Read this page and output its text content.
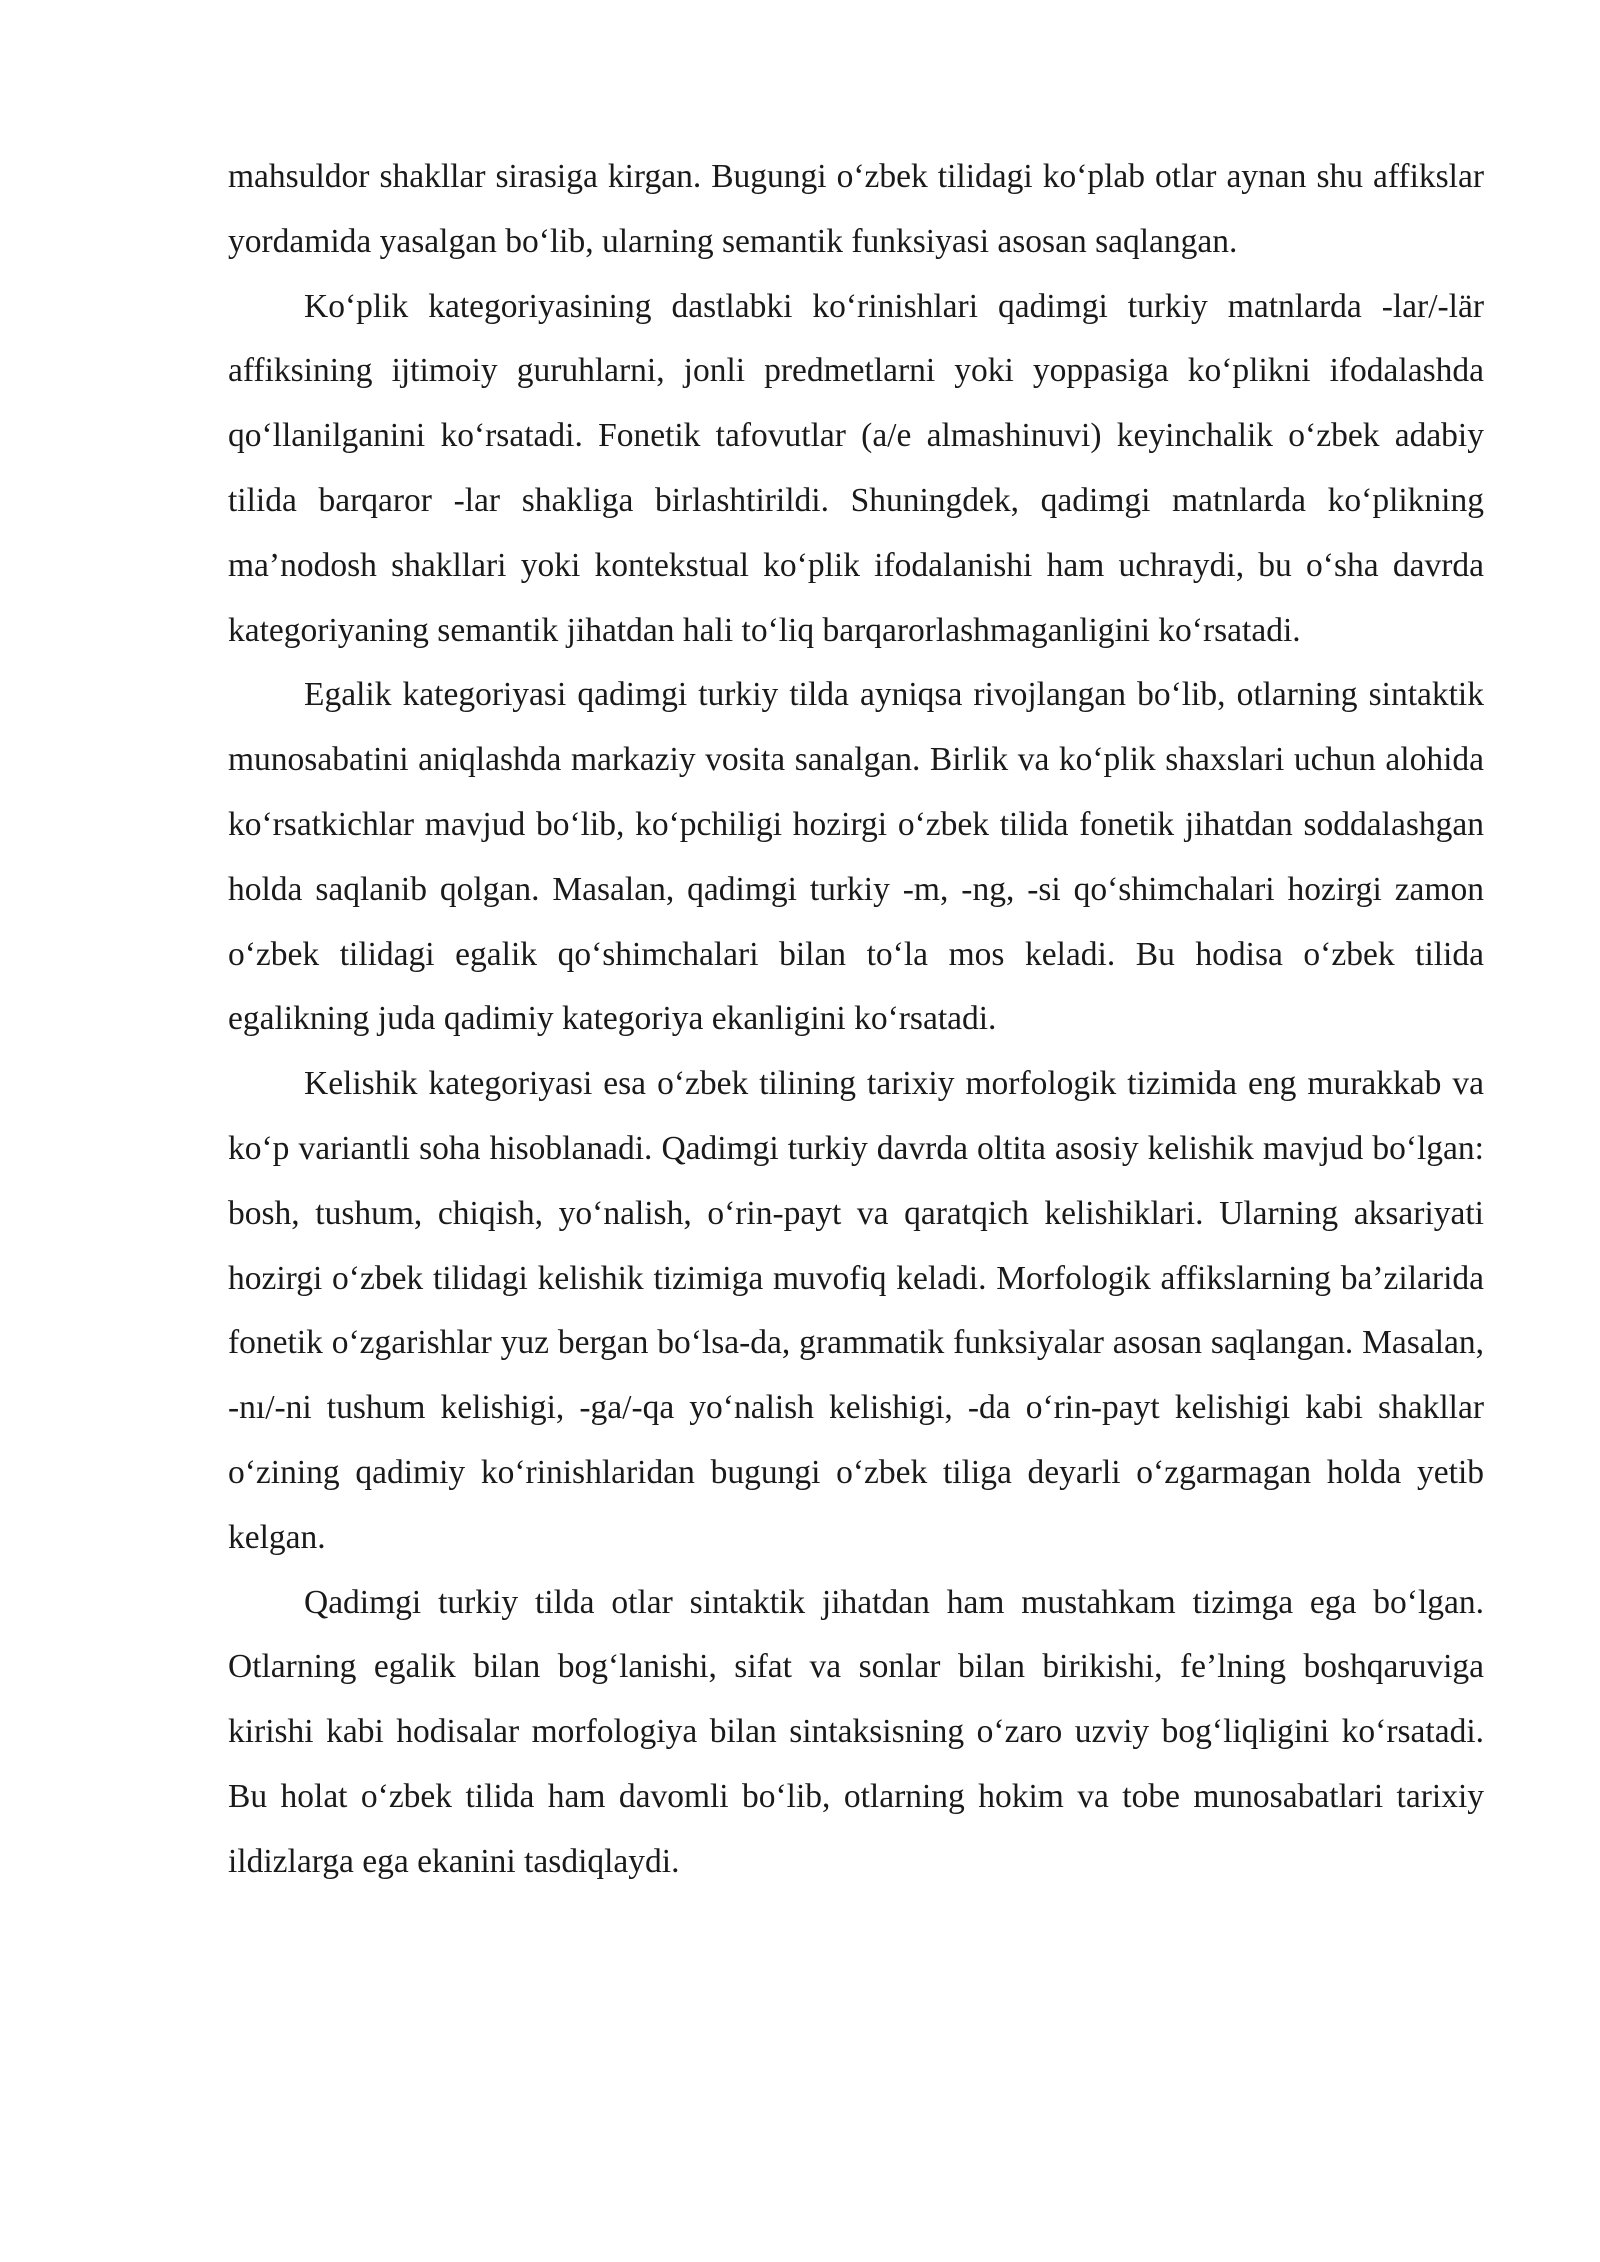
mahsuldor shakllar sirasiga kirgan. Bugungi o‘zbek tilidagi ko‘plab otlar aynan shu affikslar yordamida yasalgan bo‘lib, ularning semantik funksiyasi asosan saqlangan.

Ko‘plik kategoriyasining dastlabki ko‘rinishlari qadimgi turkiy matnlarda -lar/-lär affiksining ijtimoiy guruhlarni, jonli predmetlarni yoki yoppasiga ko‘plikni ifodalashda qo‘llanilganini ko‘rsatadi. Fonetik tafovutlar (a/e almashinuvi) keyinchalik o‘zbek adabiy tilida barqaror -lar shakliga birlashtirildi. Shuningdek, qadimgi matnlarda ko‘plikning ma’nodosh shakllari yoki kontekstual ko‘plik ifodalanishi ham uchraydi, bu o‘sha davrda kategoriyaning semantik jihatdan hali to‘liq barqarorlashmaganligini ko‘rsatadi.

Egalik kategoriyasi qadimgi turkiy tilda ayniqsa rivojlangan bo‘lib, otlarning sintaktik munosabatini aniqlashda markaziy vosita sanalgan. Birlik va ko‘plik shaxslari uchun alohida ko‘rsatkichlar mavjud bo‘lib, ko‘pchiligi hozirgi o‘zbek tilida fonetik jihatdan soddalashgan holda saqlanib qolgan. Masalan, qadimgi turkiy -m, -ng, -si qo‘shimchalari hozirgi zamon o‘zbek tilidagi egalik qo‘shimchalari bilan to‘la mos keladi. Bu hodisa o‘zbek tilida egalikning juda qadimiy kategoriya ekanligini ko‘rsatadi.

Kelishik kategoriyasi esa o‘zbek tilining tarixiy morfologik tizimida eng murakkab va ko‘p variantli soha hisoblanadi. Qadimgi turkiy davrda oltita asosiy kelishik mavjud bo‘lgan: bosh, tushum, chiqish, yo‘nalish, o‘rin-payt va qaratqich kelishiklari. Ularning aksariyati hozirgi o‘zbek tilidagi kelishik tizimiga muvofiq keladi. Morfologik affikslarning ba’zilarida fonetik o‘zgarishlar yuz bergan bo‘lsa-da, grammatik funksiyalar asosan saqlangan. Masalan, -nı/-ni tushum kelishigi, -ga/-qa yo‘nalish kelishigi, -da o‘rin-payt kelishigi kabi shakllar o‘zining qadimiy ko‘rinishlaridan bugungi o‘zbek tiliga deyarli o‘zgarmagan holda yetib kelgan.

Qadimgi turkiy tilda otlar sintaktik jihatdan ham mustahkam tizimga ega bo‘lgan. Otlarning egalik bilan bog‘lanishi, sifat va sonlar bilan birikishi, fe’lning boshqaruviga kirishi kabi hodisalar morfologiya bilan sintaksisning o‘zaro uzviy bog‘liqligini ko‘rsatadi. Bu holat o‘zbek tilida ham davomli bo‘lib, otlarning hokim va tobe munosabatlari tarixiy ildizlarga ega ekanini tasdiqlaydi.
